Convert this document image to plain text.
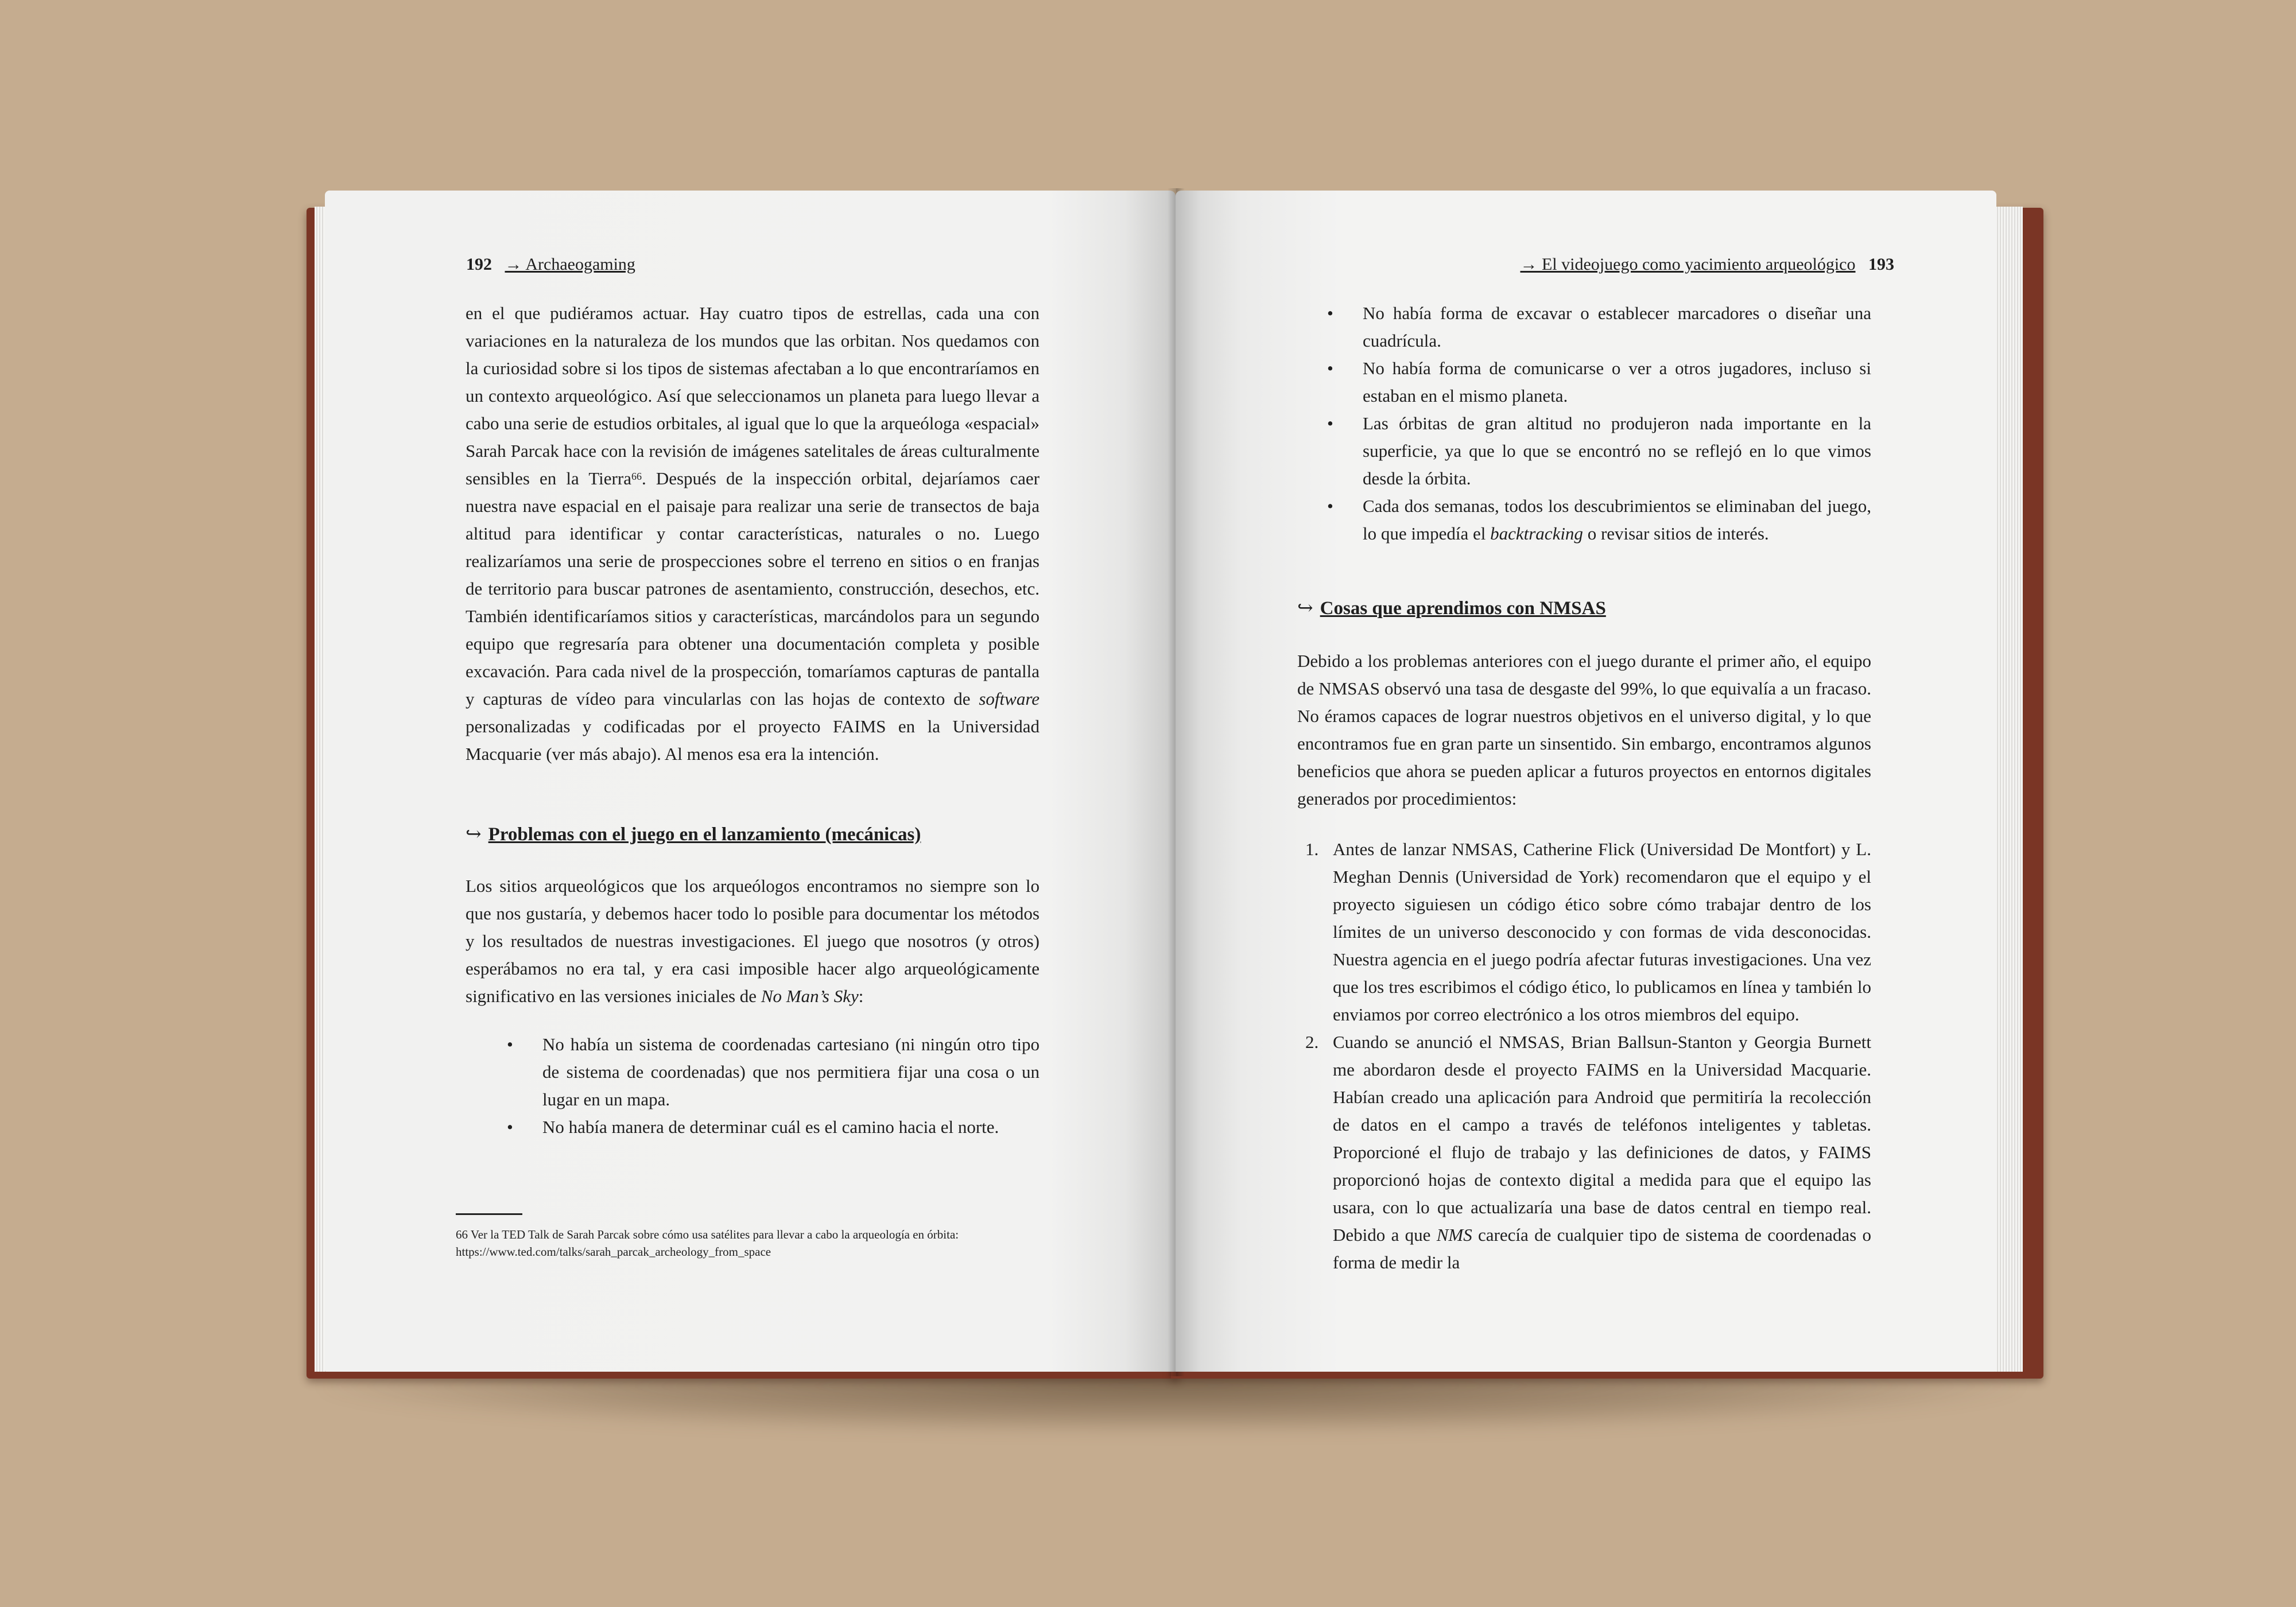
192 → Archaeogaming

en el que pudiéramos actuar. Hay cuatro tipos de estrellas, cada una con variaciones en la naturaleza de los mundos que las orbitan. Nos quedamos con la curiosidad sobre si los tipos de sistemas afectaban a lo que encontraríamos en un contexto arqueológico. Así que seleccionamos un planeta para luego llevar a cabo una serie de estudios orbitales, al igual que lo que la arqueóloga «espacial» Sarah Parcak hace con la revisión de imágenes satelitales de áreas culturalmente sensibles en la Tierra$^{66}$. Después de la inspección orbital, dejaríamos caer nuestra nave espacial en el paisaje para realizar una serie de transectos de baja altitud para identificar y contar características, naturales o no. Luego realizaríamos una serie de prospecciones sobre el terreno en sitios o en franjas de territorio para buscar patrones de asentamiento, construcción, desechos, etc. También identificaríamos sitios y características, marcándolos para un segundo equipo que regresaría para obtener una documentación completa y posible excavación. Para cada nivel de la prospección, tomaríamos capturas de pantalla y capturas de vídeo para vincularlas con las hojas de contexto de software personalizadas y codificadas por el proyecto FAIMS en la Universidad Macquarie (ver más abajo). Al menos esa era la intención.

↪ Problemas con el juego en el lanzamiento (mecánicas)

Los sitios arqueológicos que los arqueólogos encontramos no siempre son lo que nos gustaría, y debemos hacer todo lo posible para documentar los métodos y los resultados de nuestras investigaciones. El juego que nosotros (y otros) esperábamos no era tal, y era casi imposible hacer algo arqueológicamente significativo en las versiones iniciales de No Man’s Sky:

• No había un sistema de coordenadas cartesiano (ni ningún otro tipo de sistema de coordenadas) que nos permitiera fijar una cosa o un lugar en un mapa.
• No había manera de determinar cuál es el camino hacia el norte.
66 Ver la TED Talk de Sarah Parcak sobre cómo usa satélites para llevar a cabo la arqueología en órbita: https://www.ted.com/talks/sarah_parcak_archeology_from_space
→ El videojuego como yacimiento arqueológico 193
• No había forma de excavar o establecer marcadores o diseñar una cuadrícula.
• No había forma de comunicarse o ver a otros jugadores, incluso si estaban en el mismo planeta.
• Las órbitas de gran altitud no produjeron nada importante en la superficie, ya que lo que se encontró no se reflejó en lo que vimos desde la órbita.
• Cada dos semanas, todos los descubrimientos se eliminaban del juego, lo que impedía el backtracking o revisar sitios de interés.
↪ Cosas que aprendimos con NMSAS

Debido a los problemas anteriores con el juego durante el primer año, el equipo de NMSAS observó una tasa de desgaste del 99%, lo que equivalía a un fracaso. No éramos capaces de lograr nuestros objetivos en el universo digital, y lo que encontramos fue en gran parte un sinsentido. Sin embargo, encontramos algunos beneficios que ahora se pueden aplicar a futuros proyectos en entornos digitales generados por procedimientos:

1. Antes de lanzar NMSAS, Catherine Flick (Universidad De Montfort) y L. Meghan Dennis (Universidad de York) recomendaron que el equipo y el proyecto siguiesen un código ético sobre cómo trabajar dentro de los límites de un universo desconocido y con formas de vida desconocidas. Nuestra agencia en el juego podría afectar futuras investigaciones. Una vez que los tres escribimos el código ético, lo publicamos en línea y también lo enviamos por correo electrónico a los otros miembros del equipo.
2. Cuando se anunció el NMSAS, Brian Ballsun-Stanton y Georgia Burnett me abordaron desde el proyecto FAIMS en la Universidad Macquarie. Habían creado una aplicación para Android que permitiría la recolección de datos en el campo a través de teléfonos inteligentes y tabletas. Proporcioné el flujo de trabajo y las definiciones de datos, y FAIMS proporcionó hojas de contexto digital a medida para que el equipo las usara, con lo que actualizaría una base de datos central en tiempo real. Debido a que NMS carecía de cualquier tipo de sistema de coordenadas o forma de medir la
